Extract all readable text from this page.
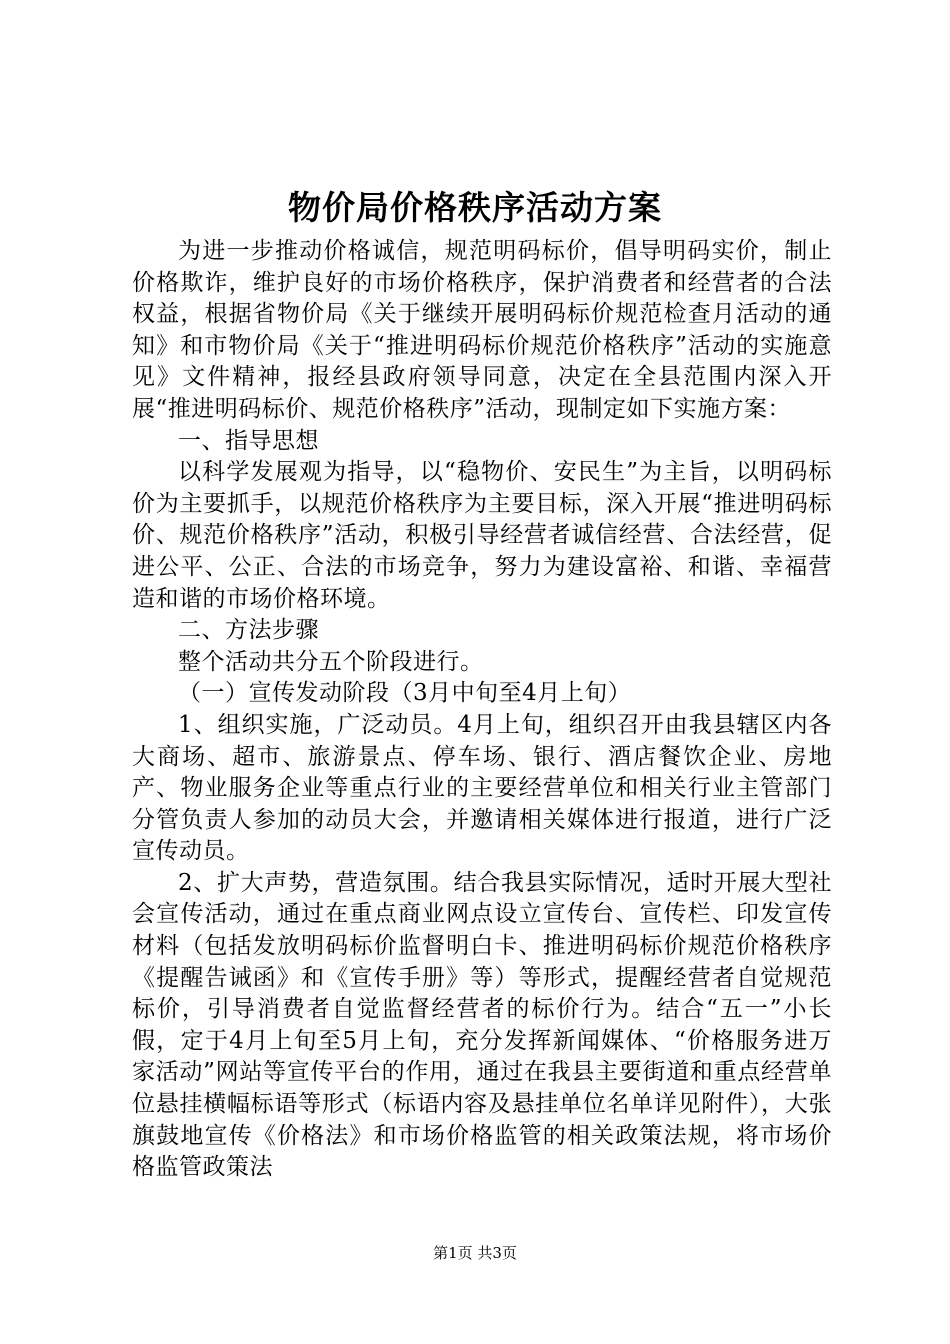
物价局价格秩序活动方案

为进一步推动价格诚信，规范明码标价，倡导明码实价，制止价格欺诈，维护良好的市场价格秩序，保护消费者和经营者的合法权益，根据省物价局《关于继续开展明码标价规范检查月活动的通知》和市物价局《关于“推进明码标价规范价格秩序”活动的实施意见》文件精神，报经县政府领导同意，决定在全县范围内深入开展“推进明码标价、规范价格秩序”活动，现制定如下实施方案：

一、指导思想

以科学发展观为指导，以“稳物价、安民生”为主旨，以明码标价为主要抓手，以规范价格秩序为主要目标，深入开展“推进明码标价、规范价格秩序”活动，积极引导经营者诚信经营、合法经营，促进公平、公正、合法的市场竞争，努力为建设富裕、和谐、幸福营造和谐的市场价格环境。

二、方法步骤

整个活动共分五个阶段进行。

（一）宣传发动阶段（3月中旬至4月上旬）

1、组织实施，广泛动员。4月上旬，组织召开由我县辖区内各大商场、超市、旅游景点、停车场、银行、酒店餐饮企业、房地产、物业服务企业等重点行业的主要经营单位和相关行业主管部门分管负责人参加的动员大会，并邀请相关媒体进行报道，进行广泛宣传动员。

2、扩大声势，营造氛围。结合我县实际情况，适时开展大型社会宣传活动，通过在重点商业网点设立宣传台、宣传栏、印发宣传材料（包括发放明码标价监督明白卡、推进明码标价规范价格秩序《提醒告诫函》和《宣传手册》等）等形式，提醒经营者自觉规范标价，引导消费者自觉监督经营者的标价行为。结合“五一”小长假，定于4月上旬至5月上旬，充分发挥新闻媒体、“价格服务进万家活动”网站等宣传平台的作用，通过在我县主要街道和重点经营单位悬挂横幅标语等形式（标语内容及悬挂单位名单详见附件），大张旗鼓地宣传《价格法》和市场价格监管的相关政策法规，将市场价格监管政策法

第1页 共3页
